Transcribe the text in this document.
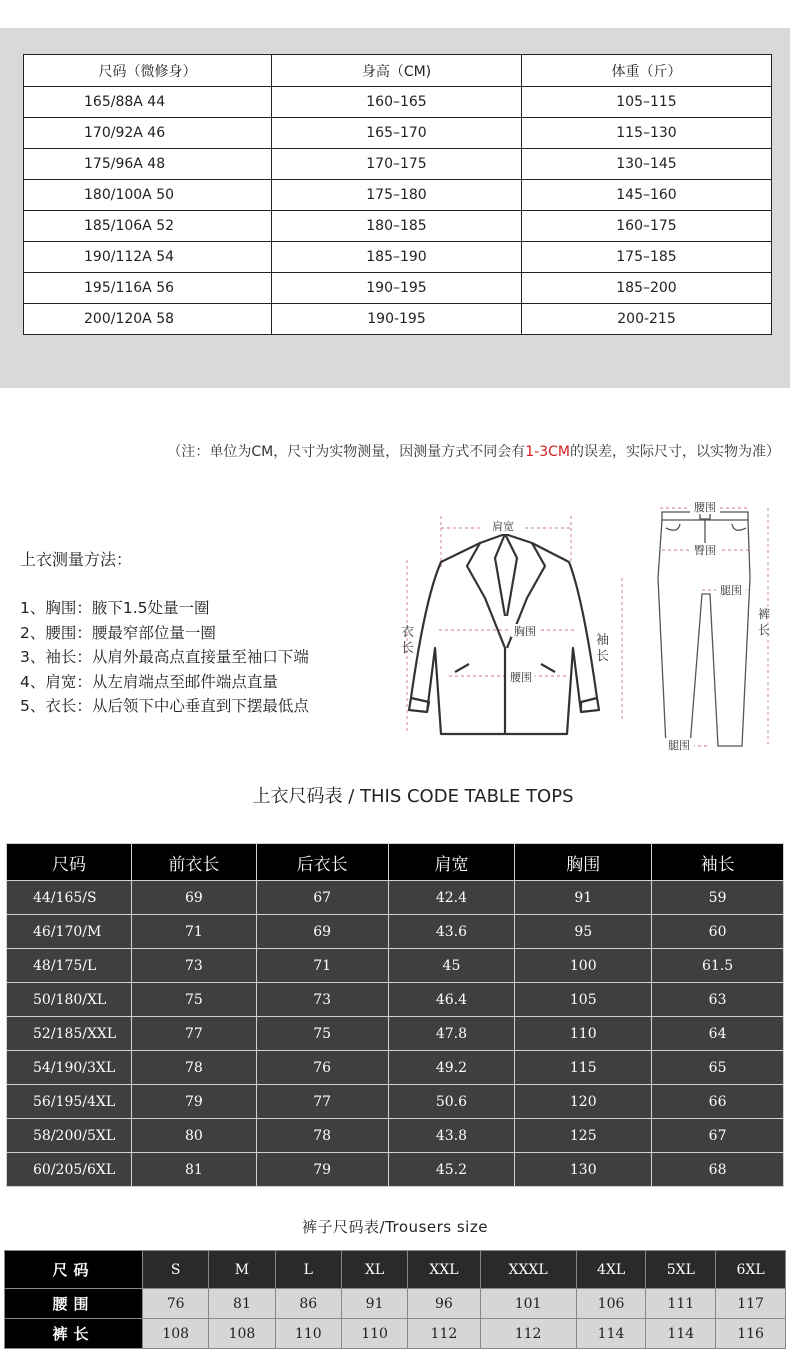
尺码（微修身）	身高（CM)	体重（斤）
165/88A 44	160–165	105–115
170/92A 46	165–170	115–130
175/96A 48	170–175	130–145
180/100A 50	175–180	145–160
185/106A 52	180–185	160–175
190/112A 54	185–190	175–185
195/116A 56	190–195	185–200
200/120A 58	190-195	200-215
（注：单位为CM，尺寸为实物测量，因测量方式不同会有1-3CM的误差，实际尺寸，以实物为准）
上衣测量方法：
1、胸围：腋下1.5处量一圈
2、腰围：腰最窄部位量一圈
3、袖长：从肩外最高点直接量至袖口下端
4、肩宽：从左肩端点至邮件端点直量
5、衣长：从后领下中心垂直到下摆最低点
肩宽
衣
长
胸围
腰围
袖
长
腰围
臀围
腿围
裤
长
腿围
上衣尺码表 / THIS CODE TABLE TOPS
尺码	前衣长	后衣长	肩宽	胸围	袖长
44/165/S	69	67	42.4	91	59
46/170/M	71	69	43.6	95	60
48/175/L	73	71	45	100	61.5
50/180/XL	75	73	46.4	105	63
52/185/XXL	77	75	47.8	110	64
54/190/3XL	78	76	49.2	115	65
56/195/4XL	79	77	50.6	120	66
58/200/5XL	80	78	43.8	125	67
60/205/6XL	81	79	45.2	130	68
裤子尺码表/Trousers size
尺码	S	M	L	XL	XXL	XXXL	4XL	5XL	6XL
腰围	76	81	86	91	96	101	106	111	117
裤长	108	108	110	110	112	112	114	114	116
